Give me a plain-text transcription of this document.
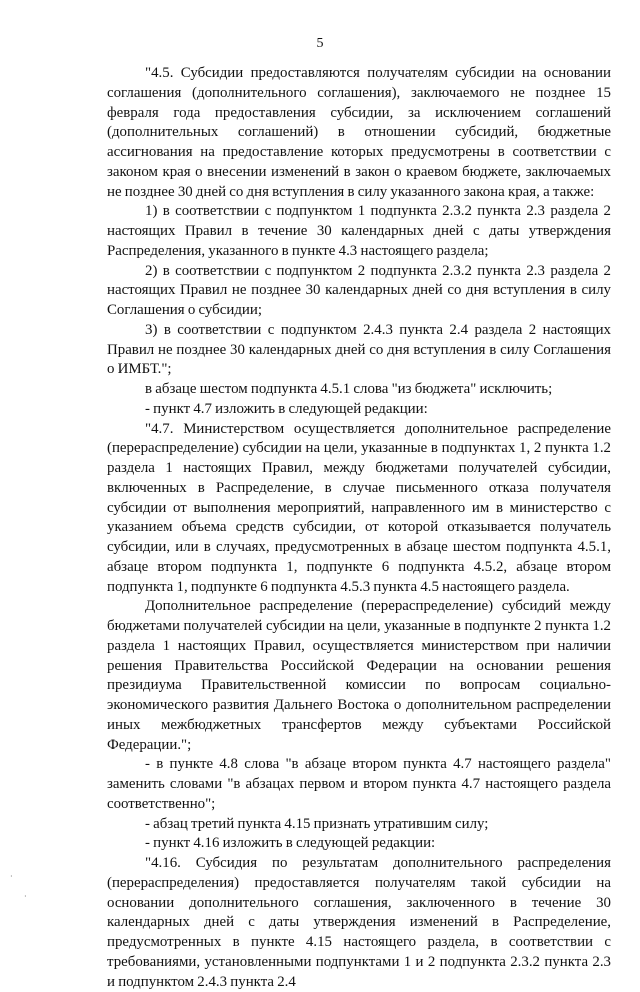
5

"4.5. Субсидии предоставляются получателям субсидии на основании соглашения (дополнительного соглашения), заключаемого не позднее 15 февраля года предоставления субсидии, за исключением соглашений (дополнительных соглашений) в отношении субсидий, бюджетные ассигнования на предоставление которых предусмотрены в соответствии с законом края о внесении изменений в закон о краевом бюджете, заключаемых не позднее 30 дней со дня вступления в силу указанного закона края, а также:

1) в соответствии с подпунктом 1 подпункта 2.3.2 пункта 2.3 раздела 2 настоящих Правил в течение 30 календарных дней с даты утверждения Распределения, указанного в пункте 4.3 настоящего раздела;

2) в соответствии с подпунктом 2 подпункта 2.3.2 пункта 2.3 раздела 2 настоящих Правил не позднее 30 календарных дней со дня вступления в силу Соглашения о субсидии;

3) в соответствии с подпунктом 2.4.3 пункта 2.4 раздела 2 настоящих Правил не позднее 30 календарных дней со дня вступления в силу Соглашения о ИМБТ.";

в абзаце шестом подпункта 4.5.1 слова "из бюджета" исключить;

- пункт 4.7 изложить в следующей редакции:

"4.7. Министерством осуществляется дополнительное распределение (перераспределение) субсидии на цели, указанные в подпунктах 1, 2 пункта 1.2 раздела 1 настоящих Правил, между бюджетами получателей субсидии, включенных в Распределение, в случае письменного отказа получателя субсидии от выполнения мероприятий, направленного им в министерство с указанием объема средств субсидии, от которой отказывается получатель субсидии, или в случаях, предусмотренных в абзаце шестом подпункта 4.5.1, абзаце втором подпункта 1, подпункте 6 подпункта 4.5.2, абзаце втором подпункта 1, подпункте 6 подпункта 4.5.3 пункта 4.5 настоящего раздела.

Дополнительное распределение (перераспределение) субсидий между бюджетами получателей субсидии на цели, указанные в подпункте 2 пункта 1.2 раздела 1 настоящих Правил, осуществляется министерством при наличии решения Правительства Российской Федерации на основании решения президиума Правительственной комиссии по вопросам социально-экономического развития Дальнего Востока о дополнительном распределении иных межбюджетных трансфертов между субъектами Российской Федерации.";

- в пункте 4.8 слова "в абзаце втором пункта 4.7 настоящего раздела" заменить словами "в абзацах первом и втором пункта 4.7 настоящего раздела соответственно";

- абзац третий пункта 4.15 признать утратившим силу;

- пункт 4.16 изложить в следующей редакции:

"4.16. Субсидия по результатам дополнительного распределения (перераспределения) предоставляется получателям такой субсидии на основании дополнительного соглашения, заключенного в течение 30 календарных дней с даты утверждения изменений в Распределение, предусмотренных в пункте 4.15 настоящего раздела, в соответствии с требованиями, установленными подпунктами 1 и 2 подпункта 2.3.2 пункта 2.3 и подпунктом 2.4.3 пункта 2.4

·
·
